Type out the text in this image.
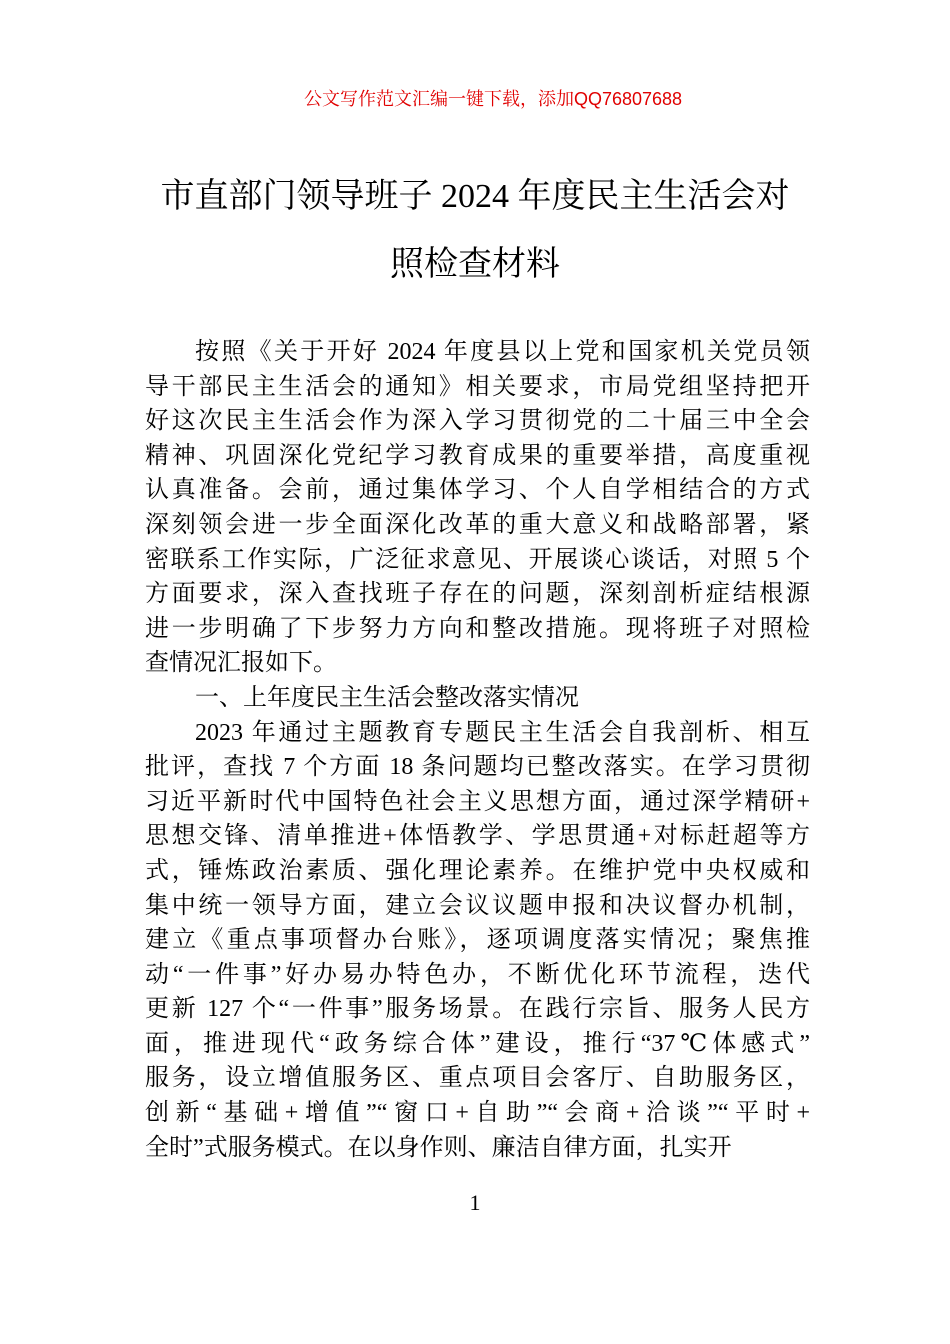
公文写作范文汇编一键下载，添加QQ76807688
市直部门领导班子 2024 年度民主生活会对
照检查材料
按照《关于开好 2024 年度县以上党和国家机关党员领
导干部民主生活会的通知》相关要求，市局党组坚持把开
好这次民主生活会作为深入学习贯彻党的二十届三中全会
精神、巩固深化党纪学习教育成果的重要举措，高度重视
认真准备。会前，通过集体学习、个人自学相结合的方式
深刻领会进一步全面深化改革的重大意义和战略部署，紧
密联系工作实际，广泛征求意见、开展谈心谈话，对照 5 个
方面要求，深入查找班子存在的问题，深刻剖析症结根源
进一步明确了下步努力方向和整改措施。现将班子对照检
查情况汇报如下。
一、上年度民主生活会整改落实情况
2023 年通过主题教育专题民主生活会自我剖析、相互
批评，查找 7 个方面 18 条问题均已整改落实。在学习贯彻
习近平新时代中国特色社会主义思想方面，通过深学精研+
思想交锋、清单推进+体悟教学、学思贯通+对标赶超等方
式，锤炼政治素质、强化理论素养。在维护党中央权威和
集中统一领导方面，建立会议议题申报和决议督办机制，
建立《重点事项督办台账》，逐项调度落实情况；聚焦推
动“一件事”好办易办特色办，不断优化环节流程，迭代
更新 127 个“一件事”服务场景。在践行宗旨、服务人民方
面，推进现代“政务综合体”建设，推行“37℃体感式”
服务，设立增值服务区、重点项目会客厅、自助服务区，
创新“基础+增值”“窗口+自助”“会商+洽谈”“平时+
全时”式服务模式。在以身作则、廉洁自律方面，扎实开
1
